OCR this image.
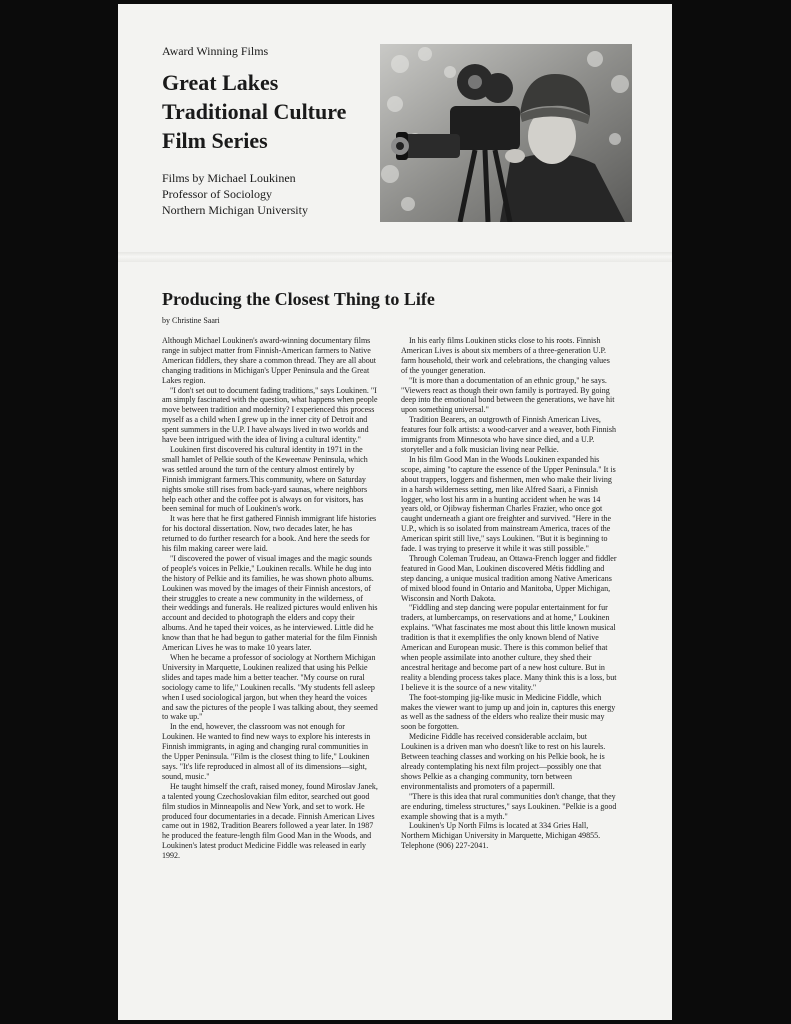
Award Winning Films
Great Lakes
Traditional Culture
Film Series
Films by Michael Loukinen
Professor of Sociology
Northern Michigan University
Producing the Closest Thing to Life
by Christine Saari

Although Michael Loukinen's award-winning documentary films range in subject matter from Finnish-American farmers to Native American fiddlers, they share a common thread. They are all about changing traditions in Michigan's Upper Peninsula and the Great Lakes region.

"I don't set out to document fading traditions," says Loukinen. "I am simply fascinated with the question, what happens when people move between tradition and modernity? I experienced this process myself as a child when I grew up in the inner city of Detroit and spent summers in the U.P. I have always lived in two worlds and have been intrigued with the idea of living a cultural identity."

Loukinen first discovered his cultural identity in 1971 in the small hamlet of Pelkie south of the Keweenaw Peninsula, which was settled around the turn of the century almost entirely by Finnish immigrant farmers.This community, where on Saturday nights smoke still rises from back-yard saunas, where neighbors help each other and the coffee pot is always on for visitors, has been seminal for much of Loukinen's work.

It was here that he first gathered Finnish immigrant life histories for his doctoral dissertation. Now, two decades later, he has returned to do further research for a book. And here the seeds for his film making career were laid.

"I discovered the power of visual images and the magic sounds of people's voices in Pelkie," Loukinen recalls. While he dug into the history of Pelkie and its families, he was shown photo albums. Loukinen was moved by the images of their Finnish ancestors, of their struggles to create a new community in the wilderness, of their weddings and funerals. He realized pictures would enliven his account and decided to photograph the elders and copy their albums. And he taped their voices, as he interviewed. Little did he know than that he had begun to gather material for the film Finnish American Lives he was to make 10 years later.

When he became a professor of sociology at Northern Michigan University in Marquette, Loukinen realized that using his Pelkie slides and tapes made him a better teacher. "My course on rural sociology came to life," Loukinen recalls. "My students fell asleep when I used sociological jargon, but when they heard the voices and saw the pictures of the people I was talking about, they seemed to wake up."

In the end, however, the classroom was not enough for Loukinen. He wanted to find new ways to explore his interests in Finnish immigrants, in aging and changing rural communities in the Upper Peninsula. "Film is the closest thing to life," Loukinen says. "It's life reproduced in almost all of its dimensions—sight, sound, music."

He taught himself the craft, raised money, found Miroslav Janek, a talented young Czechoslovakian film editor, searched out good film studios in Minneapolis and New York, and set to work. He produced four documentaries in a decade. Finnish American Lives came out in 1982, Tradition Bearers followed a year later. In 1987 he produced the feature-length film Good Man in the Woods, and Loukinen's latest product Medicine Fiddle was released in early 1992.

In his early films Loukinen sticks close to his roots. Finnish American Lives is about six members of a three-generation U.P. farm household, their work and celebrations, the changing values of the younger generation.

"It is more than a documentation of an ethnic group," he says. "Viewers react as though their own family is portrayed. By going deep into the emotional bond between the generations, we have hit upon something universal."

Tradition Bearers, an outgrowth of Finnish American Lives, features four folk artists: a wood-carver and a weaver, both Finnish immigrants from Minnesota who have since died, and a U.P. storyteller and a folk musician living near Pelkie.

In his film Good Man in the Woods Loukinen expanded his scope, aiming "to capture the essence of the Upper Peninsula." It is about trappers, loggers and fishermen, men who make their living in a harsh wilderness setting, men like Alfred Saari, a Finnish logger, who lost his arm in a hunting accident when he was 14 years old, or Ojibway fisherman Charles Frazier, who once got caught underneath a giant ore freighter and survived. "Here in the U.P., which is so isolated from mainstream America, traces of the American spirit still live," says Loukinen. "But it is beginning to fade. I was trying to preserve it while it was still possible."

Through Coleman Trudeau, an Ottawa-French logger and fiddler featured in Good Man, Loukinen discovered Métis fiddling and step dancing, a unique musical tradition among Native Americans of mixed blood found in Ontario and Manitoba, Upper Michigan, Wisconsin and North Dakota.

"Fiddling and step dancing were popular entertainment for fur traders, at lumbercamps, on reservations and at home," Loukinen explains. "What fascinates me most about this little known musical tradition is that it exemplifies the only known blend of Native American and European music. There is this common belief that when people assimilate into another culture, they shed their ancestral heritage and become part of a new host culture. But in reality a blending process takes place. Many think this is a loss, but I believe it is the source of a new vitality."

The foot-stomping jig-like music in Medicine Fiddle, which makes the viewer want to jump up and join in, captures this energy as well as the sadness of the elders who realize their music may soon be forgotten.

Medicine Fiddle has received considerable acclaim, but Loukinen is a driven man who doesn't like to rest on his laurels. Between teaching classes and working on his Pelkie book, he is already contemplating his next film project—possibly one that shows Pelkie as a changing community, torn between environmentalists and promoters of a papermill.

"There is this idea that rural communities don't change, that they are enduring, timeless structures," says Loukinen. "Pelkie is a good example showing that is a myth."

Loukinen's Up North Films is located at 334 Gries Hall, Northern Michigan University in Marquette, Michigan 49855. Telephone (906) 227-2041.
